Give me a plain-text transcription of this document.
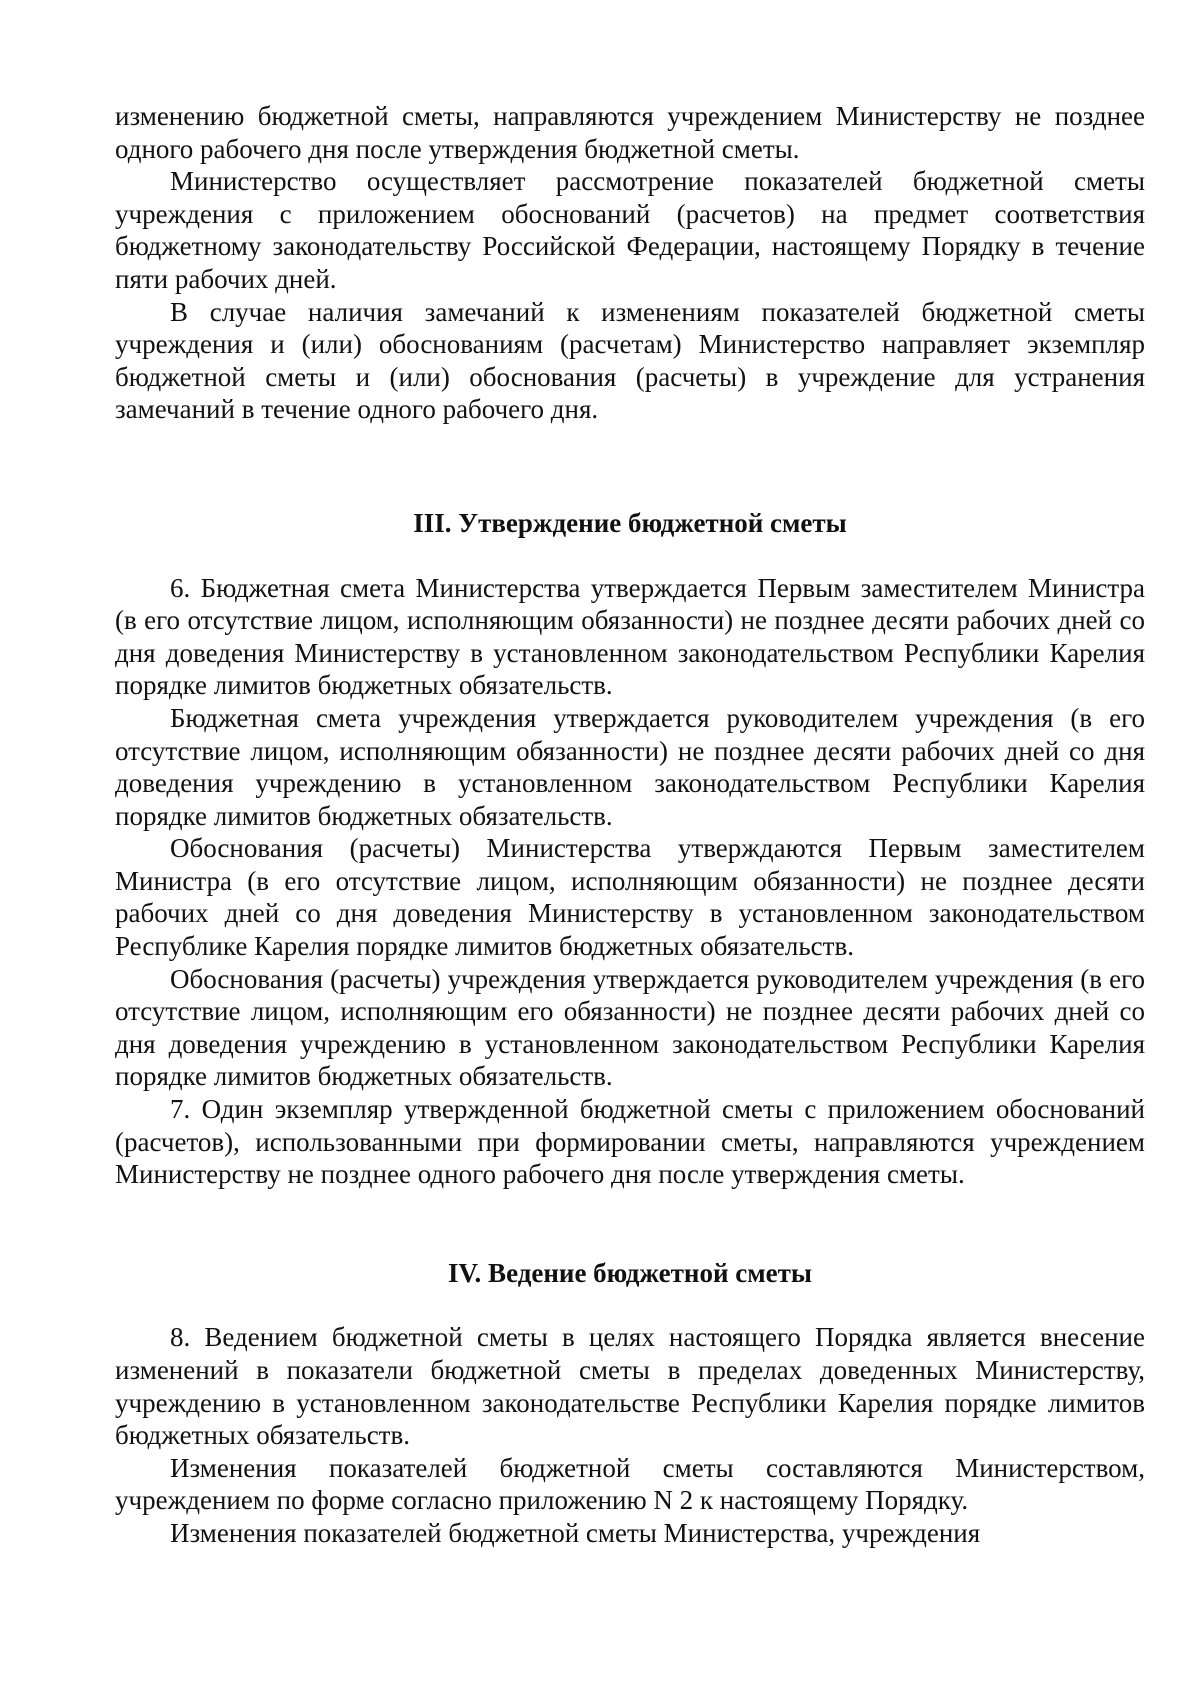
изменению бюджетной сметы, направляются учреждением Министерству не позднее одного рабочего дня после утверждения бюджетной сметы.

Министерство осуществляет рассмотрение показателей бюджетной сметы учреждения с приложением обоснований (расчетов) на предмет соответствия бюджетному законодательству Российской Федерации, настоящему Порядку в течение пяти рабочих дней.

В случае наличия замечаний к изменениям показателей бюджетной сметы учреждения и (или) обоснованиям (расчетам) Министерство направляет экземпляр бюджетной сметы и (или) обоснования (расчеты) в учреждение для устранения замечаний в течение одного рабочего дня.

III. Утверждение бюджетной сметы

6. Бюджетная смета Министерства утверждается Первым заместителем Министра (в его отсутствие лицом, исполняющим обязанности) не позднее десяти рабочих дней со дня доведения Министерству в установленном законодательством Республики Карелия порядке лимитов бюджетных обязательств.

Бюджетная смета учреждения утверждается руководителем учреждения (в его отсутствие лицом, исполняющим обязанности) не позднее десяти рабочих дней со дня доведения учреждению в установленном законодательством Республики Карелия порядке лимитов бюджетных обязательств.

Обоснования (расчеты) Министерства утверждаются Первым заместителем Министра (в его отсутствие лицом, исполняющим обязанности) не позднее десяти рабочих дней со дня доведения Министерству в установленном законодательством Республике Карелия порядке лимитов бюджетных обязательств.

Обоснования (расчеты) учреждения утверждается руководителем учреждения (в его отсутствие лицом, исполняющим его обязанности) не позднее десяти рабочих дней со дня доведения учреждению в установленном законодательством Республики Карелия порядке лимитов бюджетных обязательств.

7. Один экземпляр утвержденной бюджетной сметы с приложением обоснований (расчетов), использованными при формировании сметы, направляются учреждением Министерству не позднее одного рабочего дня после утверждения сметы.

IV. Ведение бюджетной сметы

8. Ведением бюджетной сметы в целях настоящего Порядка является внесение изменений в показатели бюджетной сметы в пределах доведенных Министерству, учреждению в установленном законодательстве Республики Карелия порядке лимитов бюджетных обязательств.

Изменения показателей бюджетной сметы составляются Министерством, учреждением по форме согласно приложению N 2 к настоящему Порядку.

Изменения показателей бюджетной сметы Министерства, учреждения
